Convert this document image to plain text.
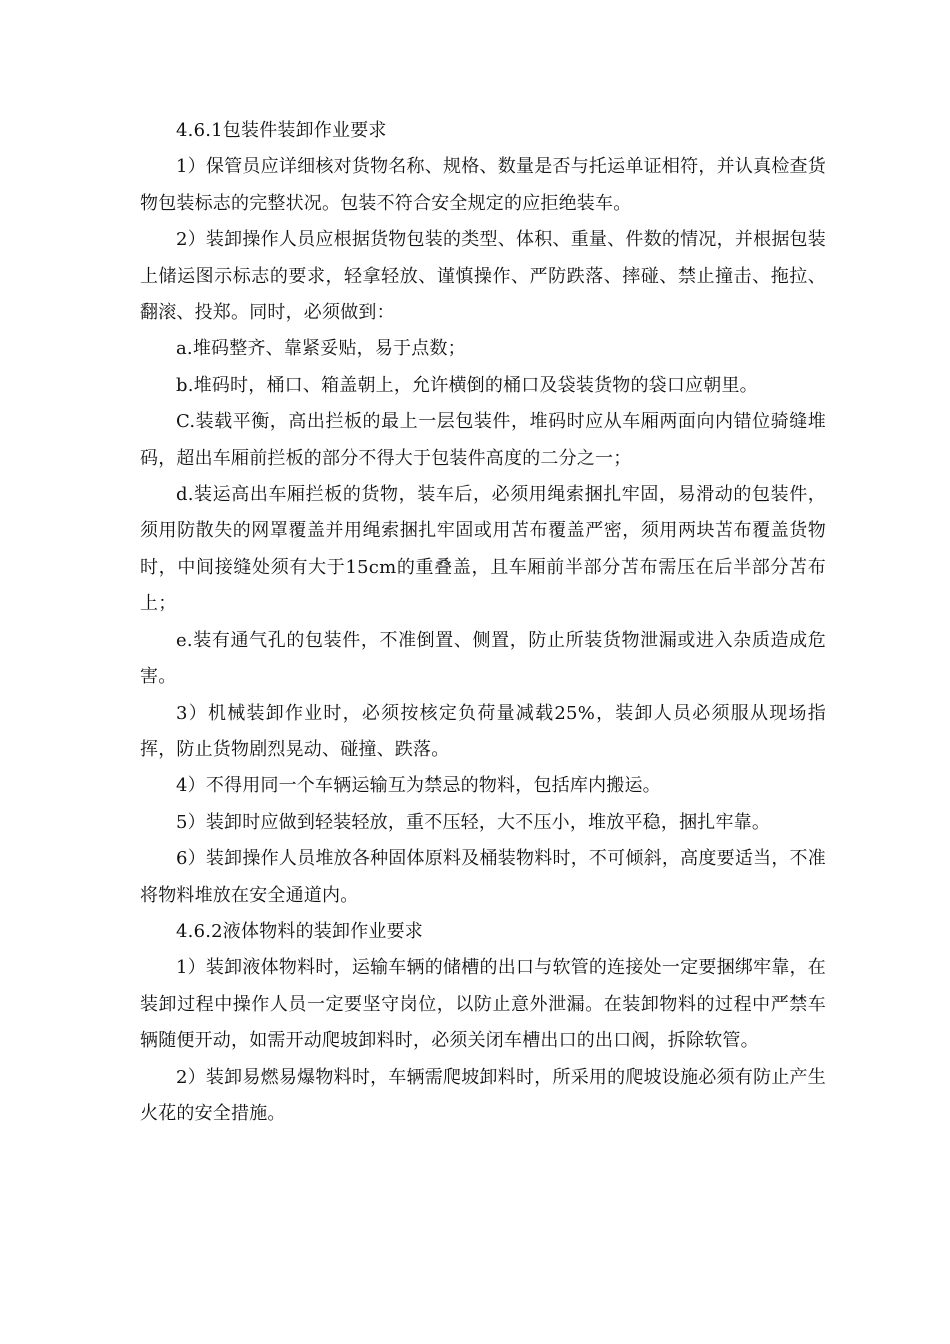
4.6.1包装件装卸作业要求

1）保管员应详细核对货物名称、规格、数量是否与托运单证相符，并认真检查货物包装标志的完整状况。包装不符合安全规定的应拒绝装车。

2）装卸操作人员应根据货物包装的类型、体积、重量、件数的情况，并根据包装上储运图示标志的要求，轻拿轻放、谨慎操作、严防跌落、摔碰、禁止撞击、拖拉、翻滚、投郑。同时，必须做到：

a.堆码整齐、靠紧妥贴，易于点数；

b.堆码时，桶口、箱盖朝上，允许横倒的桶口及袋装货物的袋口应朝里。

C.装载平衡，高出拦板的最上一层包装件，堆码时应从车厢两面向内错位骑缝堆码，超出车厢前拦板的部分不得大于包装件高度的二分之一；

d.装运高出车厢拦板的货物，装车后，必须用绳索捆扎牢固，易滑动的包装件，须用防散失的网罩覆盖并用绳索捆扎牢固或用苫布覆盖严密，须用两块苫布覆盖货物时，中间接缝处须有大于15cm的重叠盖，且车厢前半部分苫布需压在后半部分苫布上；

e.装有通气孔的包装件，不准倒置、侧置，防止所装货物泄漏或进入杂质造成危害。

3）机械装卸作业时，必须按核定负荷量减载25%，装卸人员必须服从现场指挥，防止货物剧烈晃动、碰撞、跌落。

4）不得用同一个车辆运输互为禁忌的物料，包括库内搬运。

5）装卸时应做到轻装轻放，重不压轻，大不压小，堆放平稳，捆扎牢靠。

6）装卸操作人员堆放各种固体原料及桶装物料时，不可倾斜，高度要适当，不准将物料堆放在安全通道内。

4.6.2液体物料的装卸作业要求

1）装卸液体物料时，运输车辆的储槽的出口与软管的连接处一定要捆绑牢靠，在装卸过程中操作人员一定要坚守岗位，以防止意外泄漏。在装卸物料的过程中严禁车辆随便开动，如需开动爬坡卸料时，必须关闭车槽出口的出口阀，拆除软管。

2）装卸易燃易爆物料时，车辆需爬坡卸料时，所采用的爬坡设施必须有防止产生火花的安全措施。
